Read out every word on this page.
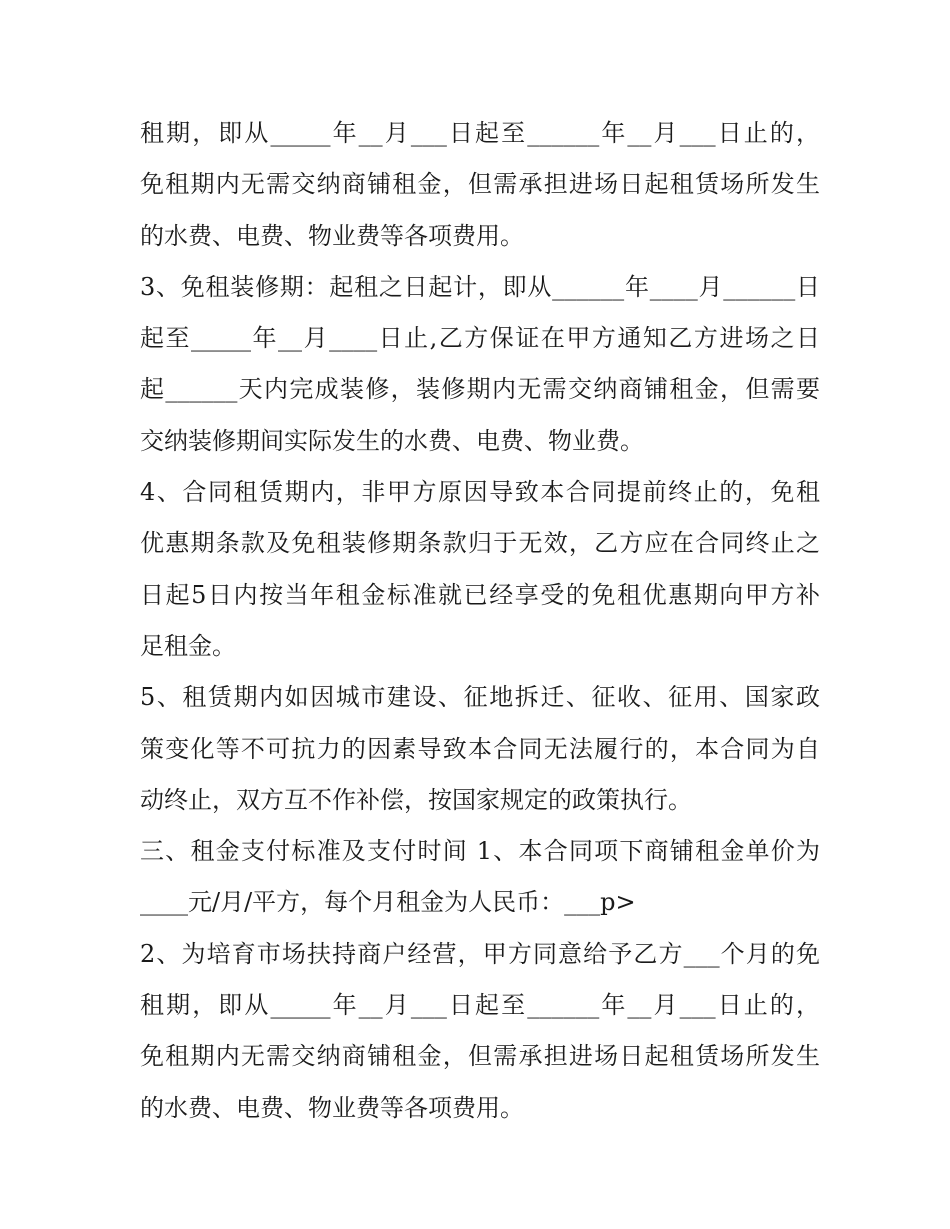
租期，即从_____年__月___日起至______年__月___日止的，
免租期内无需交纳商铺租金，但需承担进场日起租赁场所发生
的水费、电费、物业费等各项费用。
3、免租装修期：起租之日起计，即从______年____月______日
起至_____年__月____日止,乙方保证在甲方通知乙方进场之日
起______天内完成装修，装修期内无需交纳商铺租金，但需要
交纳装修期间实际发生的水费、电费、物业费。
4、合同租赁期内，非甲方原因导致本合同提前终止的，免租
优惠期条款及免租装修期条款归于无效，乙方应在合同终止之
日起5日内按当年租金标准就已经享受的免租优惠期向甲方补
足租金。
5、租赁期内如因城市建设、征地拆迁、征收、征用、国家政
策变化等不可抗力的因素导致本合同无法履行的，本合同为自
动终止，双方互不作补偿，按国家规定的政策执行。
三、租金支付标准及支付时间 1、本合同项下商铺租金单价为
____元/月/平方，每个月租金为人民币：___p>
2、为培育市场扶持商户经营，甲方同意给予乙方___个月的免
租期，即从_____年__月___日起至______年__月___日止的，
免租期内无需交纳商铺租金，但需承担进场日起租赁场所发生
的水费、电费、物业费等各项费用。
